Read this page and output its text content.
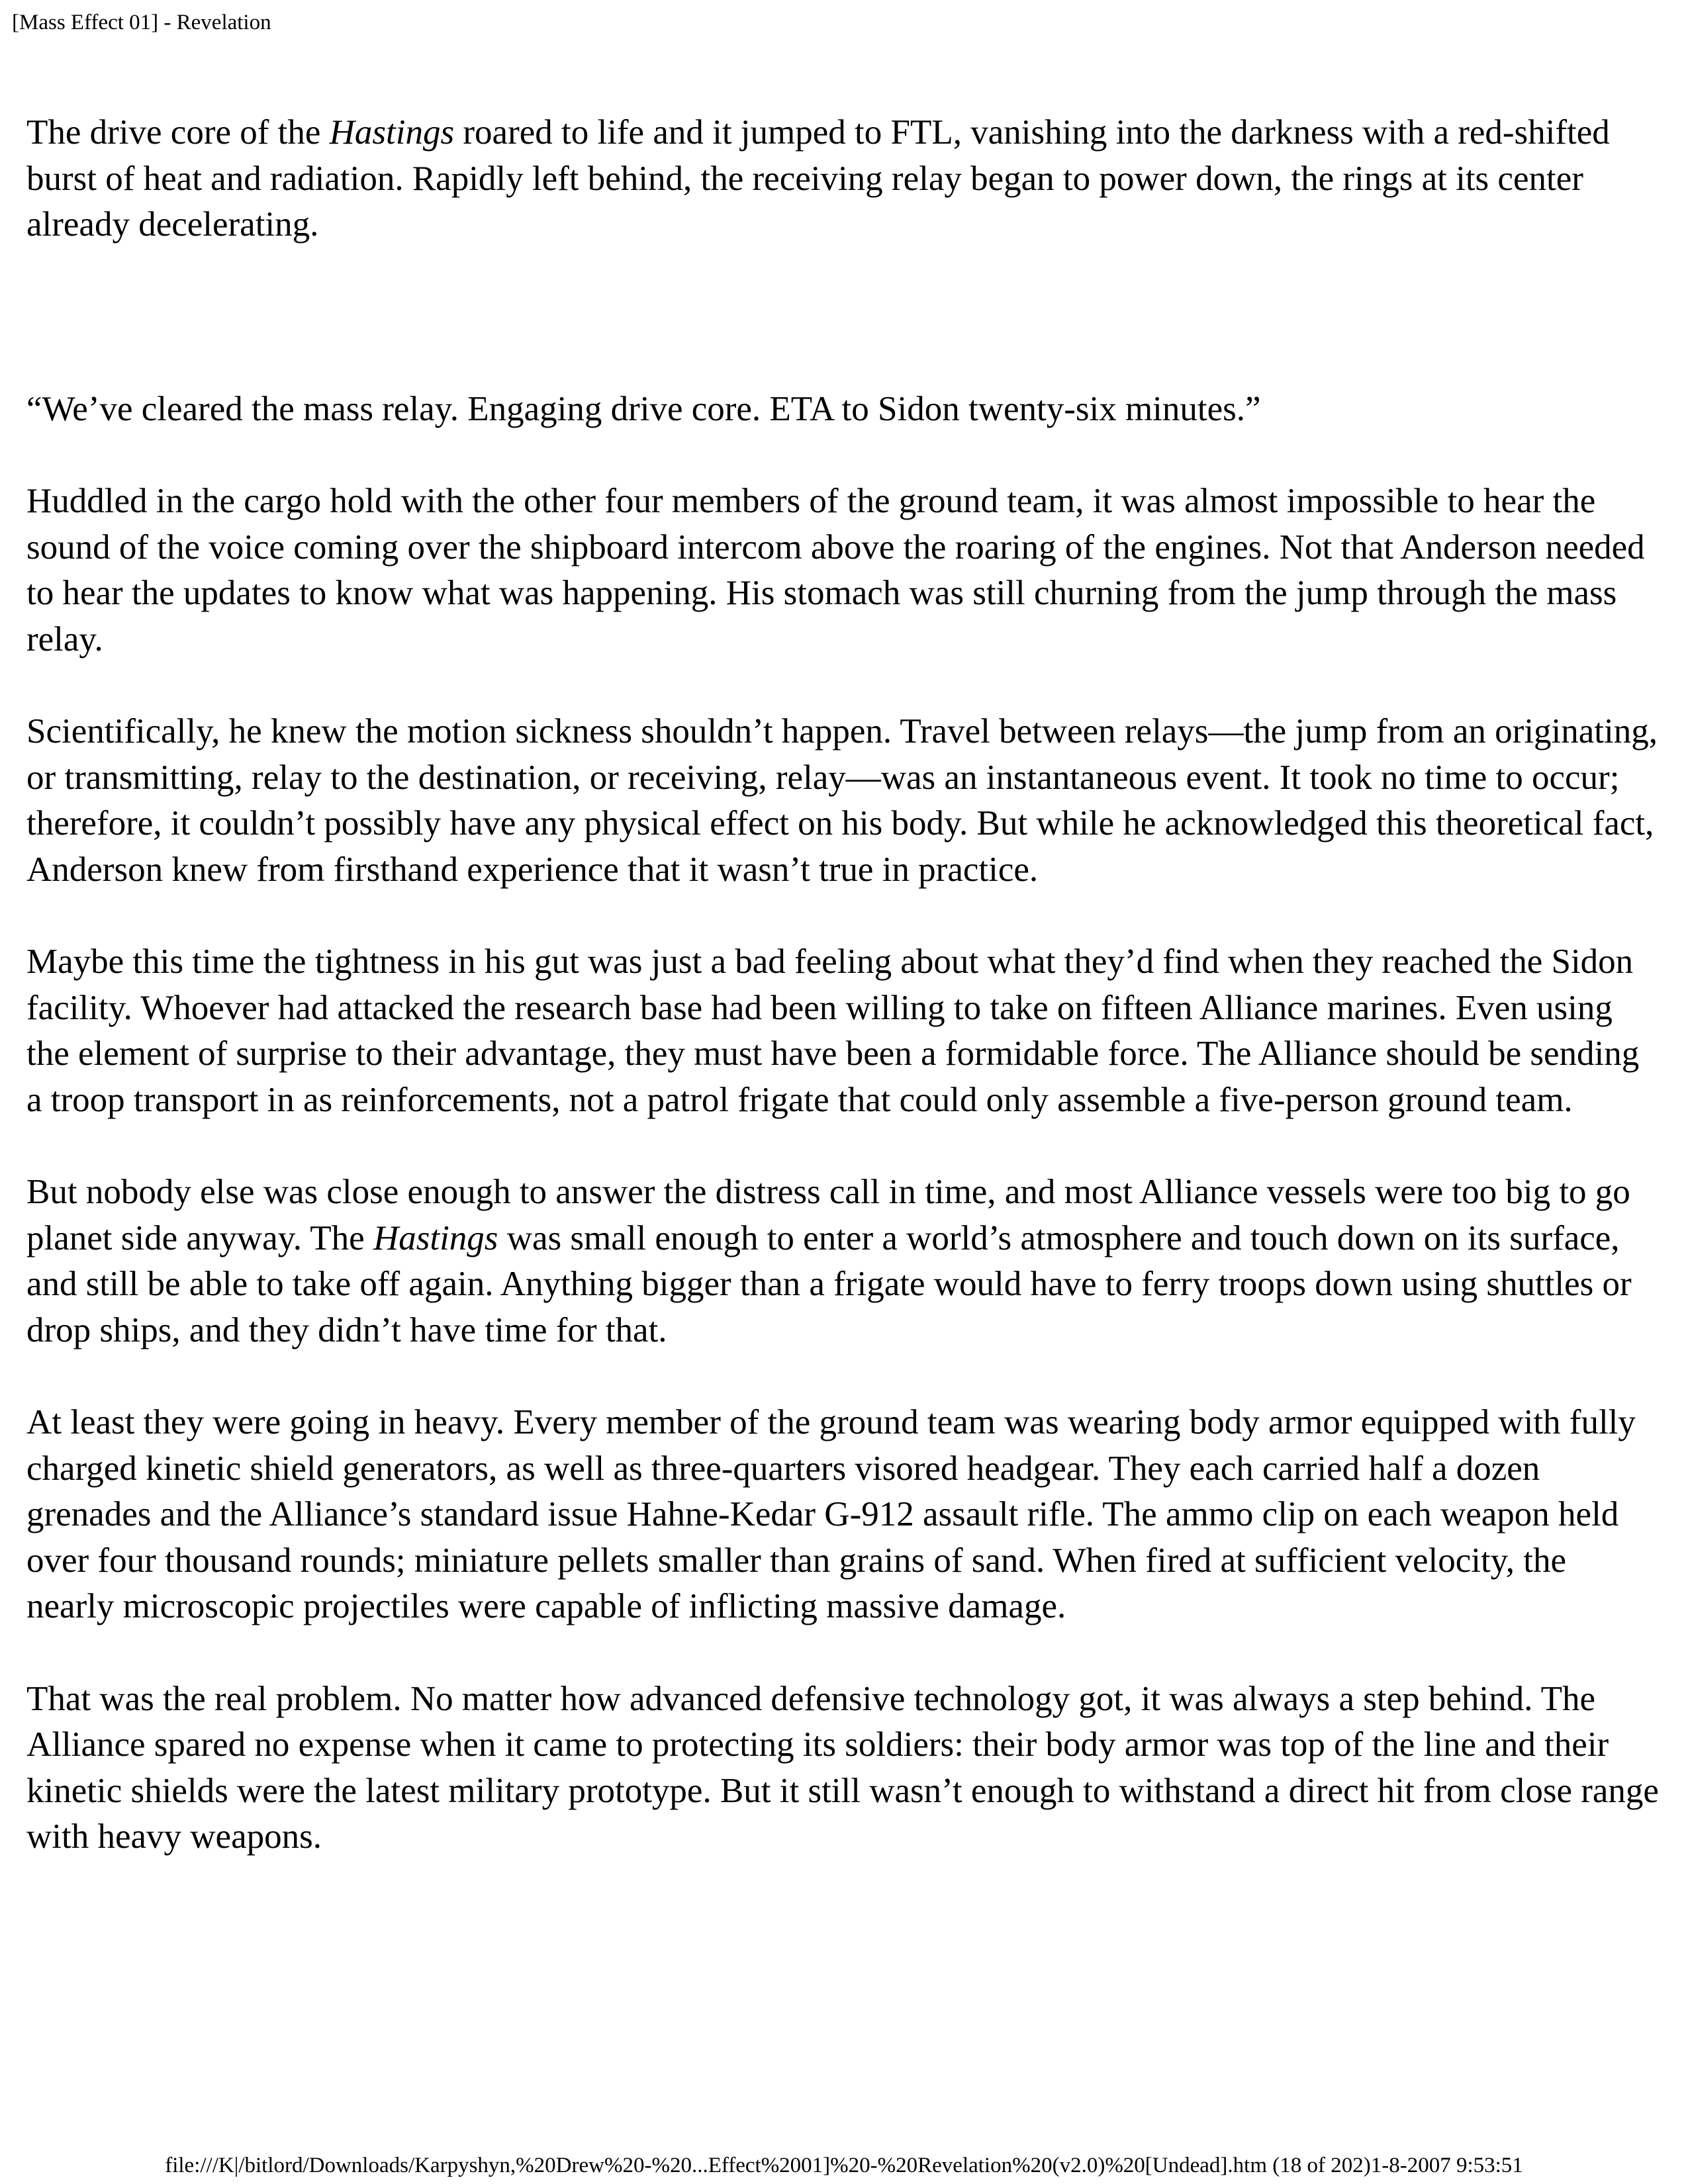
[Mass Effect 01] - Revelation

The drive core of the Hastings roared to life and it jumped to FTL, vanishing into the darkness with a red-shifted burst of heat and radiation. Rapidly left behind, the receiving relay began to power down, the rings at its center already decelerating.

“We’ve cleared the mass relay. Engaging drive core. ETA to Sidon twenty-six minutes.”

Huddled in the cargo hold with the other four members of the ground team, it was almost impossible to hear the sound of the voice coming over the shipboard intercom above the roaring of the engines. Not that Anderson needed to hear the updates to know what was happening. His stomach was still churning from the jump through the mass relay.

Scientifically, he knew the motion sickness shouldn’t happen. Travel between relays—the jump from an originating, or transmitting, relay to the destination, or receiving, relay—was an instantaneous event. It took no time to occur; therefore, it couldn’t possibly have any physical effect on his body. But while he acknowledged this theoretical fact, Anderson knew from firsthand experience that it wasn’t true in practice.

Maybe this time the tightness in his gut was just a bad feeling about what they’d find when they reached the Sidon facility. Whoever had attacked the research base had been willing to take on fifteen Alliance marines. Even using the element of surprise to their advantage, they must have been a formidable force. The Alliance should be sending a troop transport in as reinforcements, not a patrol frigate that could only assemble a five-person ground team.

But nobody else was close enough to answer the distress call in time, and most Alliance vessels were too big to go planet side anyway. The Hastings was small enough to enter a world’s atmosphere and touch down on its surface, and still be able to take off again. Anything bigger than a frigate would have to ferry troops down using shuttles or drop ships, and they didn’t have time for that.

At least they were going in heavy. Every member of the ground team was wearing body armor equipped with fully charged kinetic shield generators, as well as three-quarters visored headgear. They each carried half a dozen grenades and the Alliance’s standard issue Hahne-Kedar G-912 assault rifle. The ammo clip on each weapon held over four thousand rounds; miniature pellets smaller than grains of sand. When fired at sufficient velocity, the nearly microscopic projectiles were capable of inflicting massive damage.

That was the real problem. No matter how advanced defensive technology got, it was always a step behind. The Alliance spared no expense when it came to protecting its soldiers: their body armor was top of the line and their kinetic shields were the latest military prototype. But it still wasn’t enough to withstand a direct hit from close range with heavy weapons.

file:///K|/bitlord/Downloads/Karpyshyn,%20Drew%20-%20...Effect%2001]%20-%20Revelation%20(v2.0)%20[Undead].htm (18 of 202)1-8-2007 9:53:51
